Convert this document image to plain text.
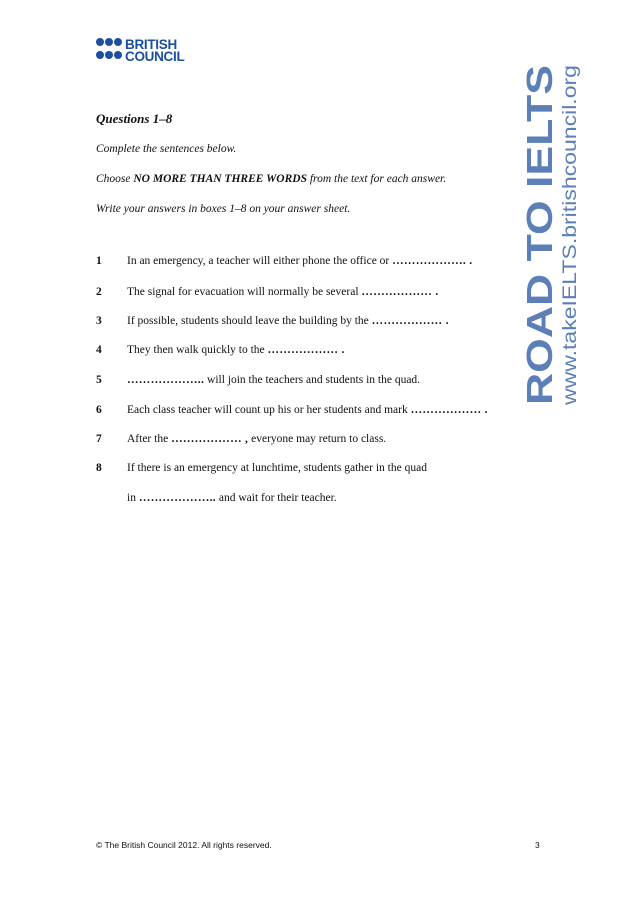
BRITISH
COUNCIL
ROAD TO IELTS www.takeIELTS.britishcouncil.org
Questions 1–8
Complete the sentences below.
Choose NO MORE THAN THREE WORDS from the text for each answer.
Write your answers in boxes 1–8 on your answer sheet.
1	In an emergency, a teacher will either phone the office or ………………. .
2	The signal for evacuation will normally be several ……………… .
3	If possible, students should leave the building by the ……………… .
4	They then walk quickly to the ……………… .
5	……………….. will join the teachers and students in the quad.
6	Each class teacher will count up his or her students and mark ……………… .
7	After the ……………… , everyone may return to class.
8	If there is an emergency at lunchtime, students gather in the quad
in ……………….. and wait for their teacher.
© The British Council 2012. All rights reserved.	3
